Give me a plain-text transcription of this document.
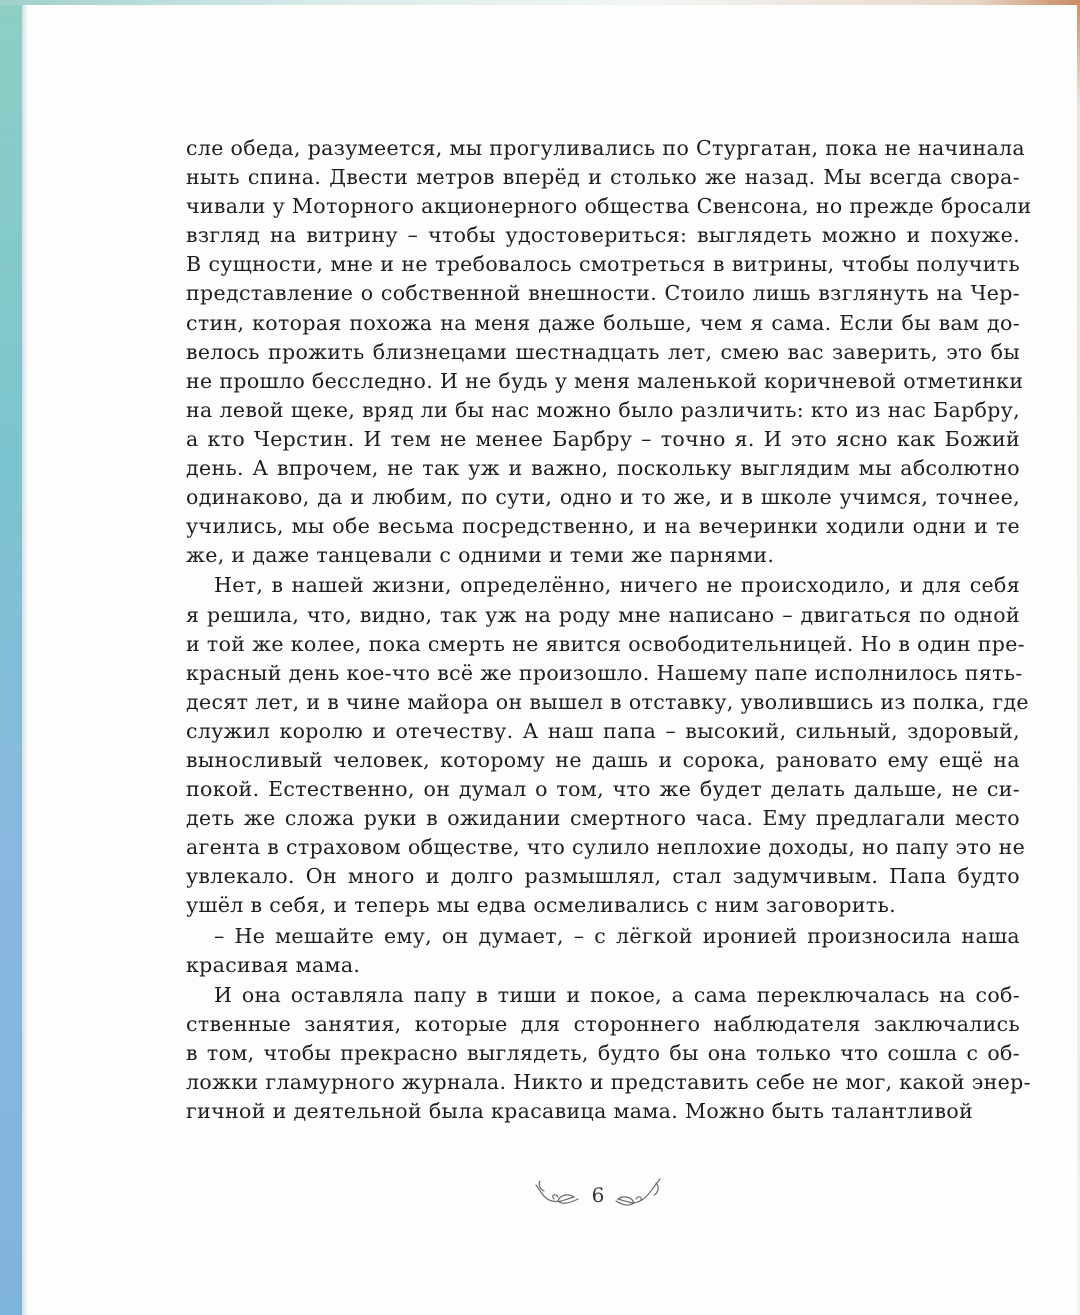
сле обеда, разумеется, мы прогуливались по Стургатан, пока не начинала
ныть спина. Двести метров вперёд и столько же назад. Мы всегда свора-
чивали у Моторного акционерного общества Свенсона, но прежде бросали
взгляд на витрину – чтобы удостовериться: выглядеть можно и похуже.
В сущности, мне и не требовалось смотреться в витрины, чтобы получить
представление о собственной внешности. Стоило лишь взглянуть на Чер-
стин, которая похожа на меня даже больше, чем я сама. Если бы вам до-
велось прожить близнецами шестнадцать лет, смею вас заверить, это бы
не прошло бесследно. И не будь у меня маленькой коричневой отметинки
на левой щеке, вряд ли бы нас можно было различить: кто из нас Барбру,
а кто Черстин. И тем не менее Барбру – точно я. И это ясно как Божий
день. А впрочем, не так уж и важно, поскольку выглядим мы абсолютно
одинаково, да и любим, по сути, одно и то же, и в школе учимся, точнее,
учились, мы обе весьма посредственно, и на вечеринки ходили одни и те
же, и даже танцевали с одними и теми же парнями.
Нет, в нашей жизни, определённо, ничего не происходило, и для себя
я решила, что, видно, так уж на роду мне написано – двигаться по одной
и той же колее, пока смерть не явится освободительницей. Но в один пре-
красный день кое-что всё же произошло. Нашему папе исполнилось пять-
десят лет, и в чине майора он вышел в отставку, уволившись из полка, где
служил королю и отечеству. А наш папа – высокий, сильный, здоровый,
выносливый человек, которому не дашь и сорока, рановато ему ещё на
покой. Естественно, он думал о том, что же будет делать дальше, не си-
деть же сложа руки в ожидании смертного часа. Ему предлагали место
агента в страховом обществе, что сулило неплохие доходы, но папу это не
увлекало. Он много и долго размышлял, стал задумчивым. Папа будто
ушёл в себя, и теперь мы едва осмеливались с ним заговорить.
– Не мешайте ему, он думает, – с лёгкой иронией произносила наша
красивая мама.
И она оставляла папу в тиши и покое, а сама переключалась на соб-
ственные занятия, которые для стороннего наблюдателя заключались
в том, чтобы прекрасно выглядеть, будто бы она только что сошла с об-
ложки гламурного журнала. Никто и представить себе не мог, какой энер-
гичной и деятельной была красавица мама. Можно быть талантливой
6
